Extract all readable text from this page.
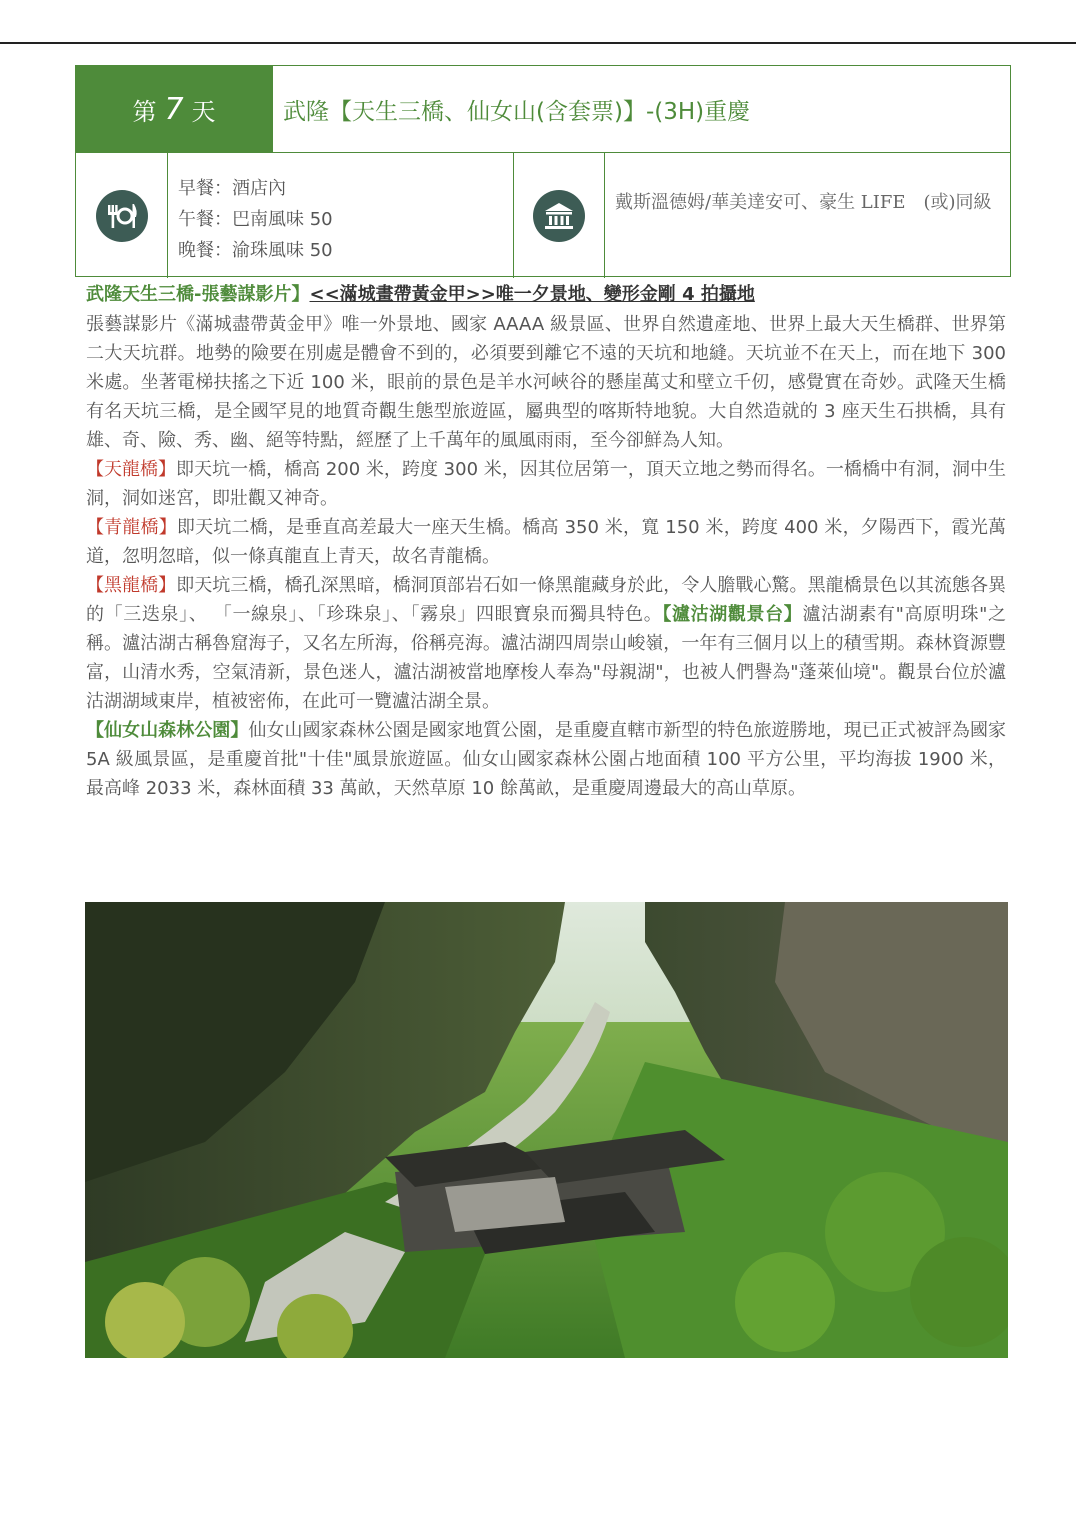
第 7 天	武隆【天生三橋、仙女山(含套票)】-(3H)重慶
早餐：酒店內
午餐：巴南風味 50
晚餐：渝珠風味 50
戴斯溫德姆/華美達安可、豪生 LIFE　(或)同級
武隆天生三橋-張藝謀影片】<<滿城畫帶黃金甲>>唯一夕景地、變形金剛 4 拍攝地

張藝謀影片《滿城盡帶黃金甲》唯一外景地、國家 AAAA 級景區、世界自然遺產地、世界上最大天生橋群、世界第二大天坑群。地勢的險要在別處是體會不到的，必須要到離它不遠的天坑和地縫。天坑並不在天上，而在地下 300 米處。坐著電梯扶搖之下近 100 米，眼前的景色是羊水河峽谷的懸崖萬丈和壁立千仞，感覺實在奇妙。武隆天生橋有名天坑三橋，是全國罕見的地質奇觀生態型旅遊區，屬典型的喀斯特地貌。大自然造就的 3 座天生石拱橋，具有雄、奇、險、秀、幽、絕等特點，經歷了上千萬年的風風雨雨，至今卻鮮為人知。

【天龍橋】即天坑一橋，橋高 200 米，跨度 300 米，因其位居第一，頂天立地之勢而得名。一橋橋中有洞，洞中生洞，洞如迷宮，即壯觀又神奇。

【青龍橋】即天坑二橋，是垂直高差最大一座天生橋。橋高 350 米，寬 150 米，跨度 400 米，夕陽西下，霞光萬道，忽明忽暗，似一條真龍直上青天，故名青龍橋。

【黑龍橋】即天坑三橋，橋孔深黑暗，橋洞頂部岩石如一條黑龍藏身於此，令人膽戰心驚。黑龍橋景色以其流態各異的「三迭泉」、 「一線泉」、「珍珠泉」、「霧泉」四眼寶泉而獨具特色。【瀘沽湖觀景台】瀘沽湖素有"高原明珠"之稱。瀘沽湖古稱魯窟海子，又名左所海，俗稱亮海。瀘沽湖四周崇山峻嶺，一年有三個月以上的積雪期。森林資源豐富，山清水秀，空氣清新，景色迷人，瀘沽湖被當地摩梭人奉為"母親湖"，也被人們譽為"蓬萊仙境"。觀景台位於瀘沽湖湖域東岸，植被密佈，在此可一覽瀘沽湖全景。

【仙女山森林公園】仙女山國家森林公園是國家地質公園，是重慶直轄市新型的特色旅遊勝地，現已正式被評為國家 5A 級風景區，是重慶首批"十佳"風景旅遊區。仙女山國家森林公園占地面積 100 平方公里，平均海拔 1900 米，最高峰 2033 米，森林面積 33 萬畝，天然草原 10 餘萬畝，是重慶周邊最大的高山草原。
